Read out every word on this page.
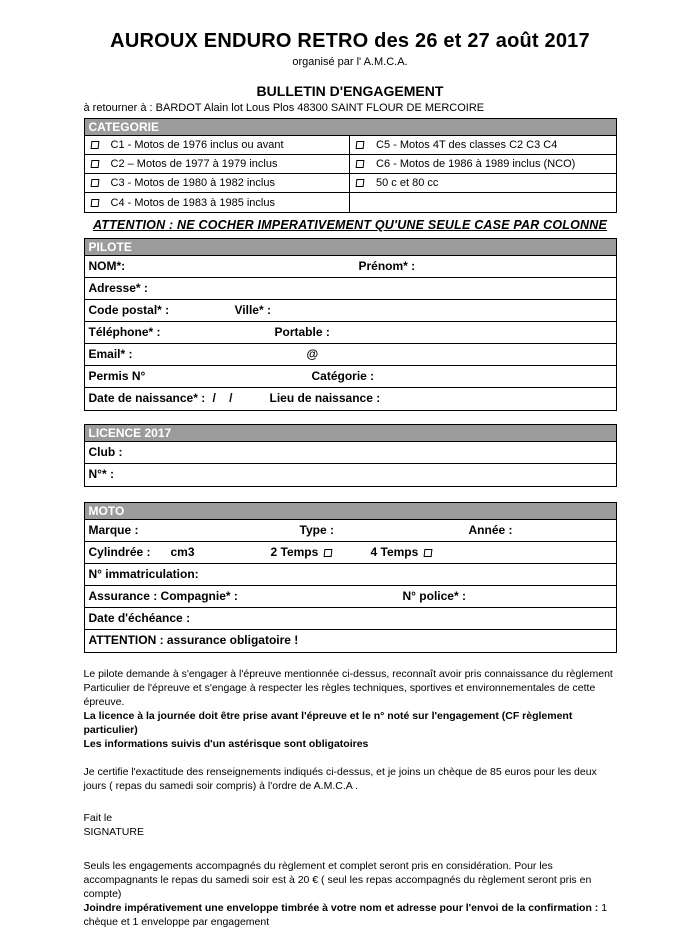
AUROUX ENDURO RETRO des 26 et 27 août 2017
organisé par l' A.M.C.A.
BULLETIN D'ENGAGEMENT
à retourner à : BARDOT Alain lot Lous Plos 48300 SAINT FLOUR DE MERCOIRE
CATEGORIE
C1 - Motos de 1976 inclus ou avant	C5 - Motos 4T des classes C2 C3 C4
C2 – Motos de 1977 à 1979 inclus	C6 - Motos de 1986 à 1989 inclus (NCO)
C3 - Motos de 1980 à 1982 inclus	50 c et 80 cc
C4 - Motos de 1983 à 1985 inclus
ATTENTION : NE COCHER IMPERATIVEMENT QU'UNE SEULE CASE PAR COLONNE
PILOTE
NOM*:	Prénom* :
Adresse* :
Code postal* :	Ville* :
Téléphone* :	Portable :
Email* :	@
Permis N°	Catégorie :
Date de naissance* : /    /	Lieu de naissance :
LICENCE 2017
Club :
N°* :
MOTO
Marque :	Type :	Année :
Cylindrée : cm3	2 Temps	4 Temps
N° immatriculation:
Assurance : Compagnie* :	N° police* :
Date d'échéance :
ATTENTION : assurance obligatoire !

Le pilote demande à s'engager à l'épreuve mentionnée ci-dessus, reconnaît avoir pris connaissance du règlement Particulier de l'épreuve et s'engage à respecter les règles techniques, sportives et environnementales de cette épreuve.
La licence à la journée doit être prise avant l'épreuve et le n° noté sur l'engagement (CF règlement particulier)
Les informations suivis d'un astérisque sont obligatoires

Je certifie l'exactitude des renseignements indiqués ci-dessus, et je joins un chèque de 85 euros pour les deux jours ( repas du samedi soir compris) à l'ordre de A.M.C.A .

Fait le
SIGNATURE

Seuls les engagements accompagnés du règlement et complet seront pris en considération. Pour les accompagnants le repas du samedi soir est à 20 € ( seul les repas accompagnés du règlement seront pris en compte)
Joindre impérativement une enveloppe timbrée à votre nom et adresse pour l'envoi de la confirmation : 1 chèque et 1 enveloppe par engagement
